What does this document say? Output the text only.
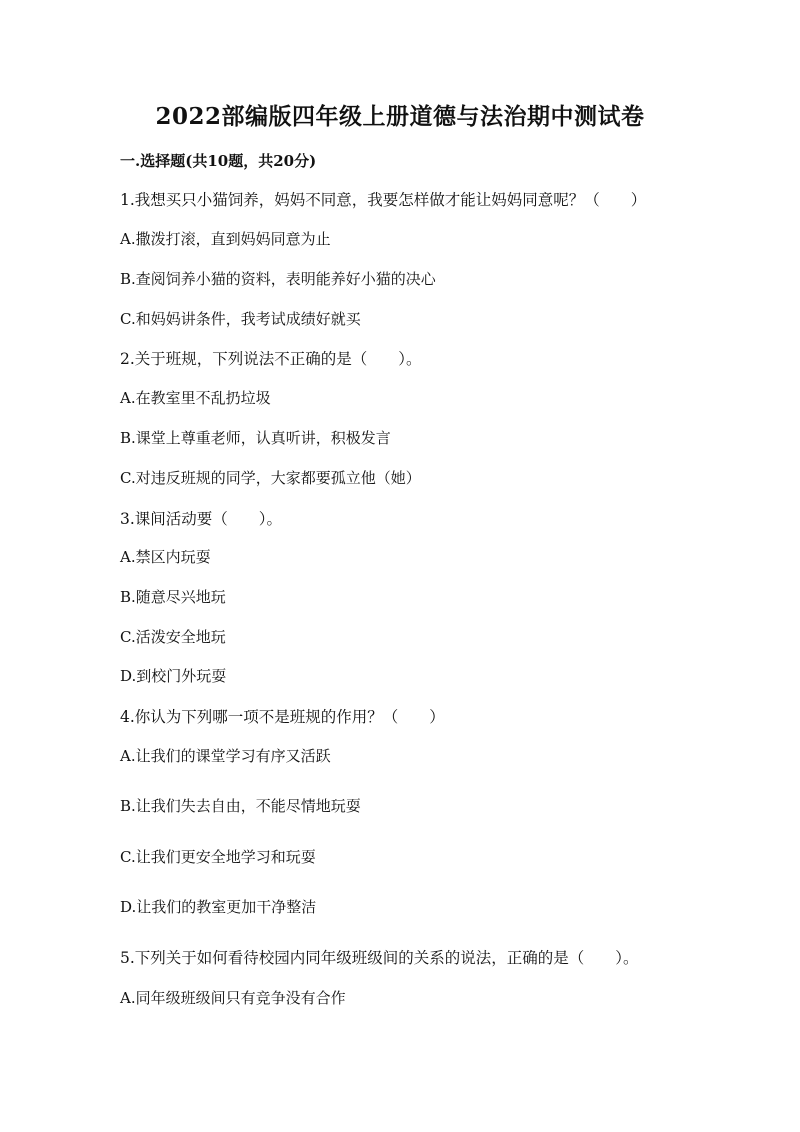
2022部编版四年级上册道德与法治期中测试卷
一.选择题(共10题，共20分)
1.我想买只小猫饲养，妈妈不同意，我要怎样做才能让妈妈同意呢？（　　）
A.撒泼打滚，直到妈妈同意为止
B.查阅饲养小猫的资料，表明能养好小猫的决心
C.和妈妈讲条件，我考试成绩好就买
2.关于班规，下列说法不正确的是（　　）。
A.在教室里不乱扔垃圾
B.课堂上尊重老师，认真听讲，积极发言
C.对违反班规的同学，大家都要孤立他（她）
3.课间活动要（　　）。
A.禁区内玩耍
B.随意尽兴地玩
C.活泼安全地玩
D.到校门外玩耍
4.你认为下列哪一项不是班规的作用？（　　）
A.让我们的课堂学习有序又活跃
B.让我们失去自由，不能尽情地玩耍
C.让我们更安全地学习和玩耍
D.让我们的教室更加干净整洁
5.下列关于如何看待校园内同年级班级间的关系的说法，正确的是（　　）。
A.同年级班级间只有竞争没有合作
